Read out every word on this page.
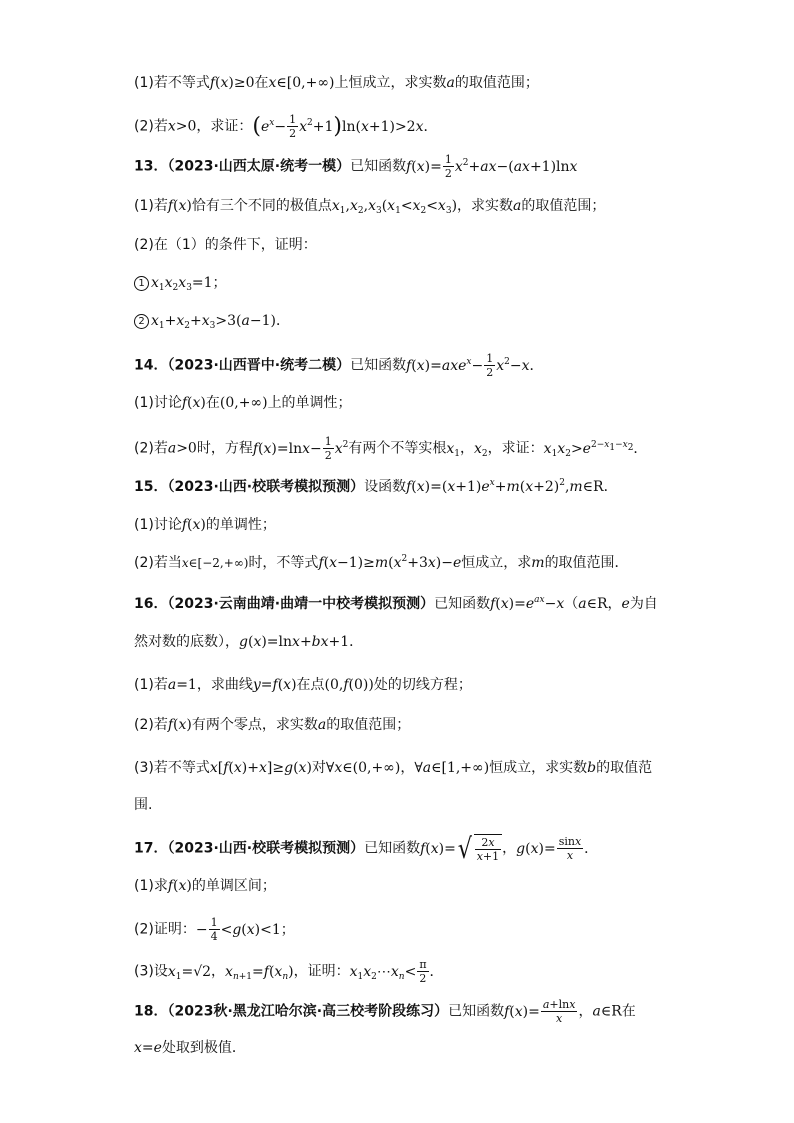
(1)若不等式f(x)≥0在x∈[0,+∞)上恒成立，求实数a的取值范围；
(2)若x>0，求证：$(e^x- \frac{1}{2} x^2+1)\ln(x+1)>2x$．
13．（2023·山西太原·统考一模）已知函数$f(x)= \frac{1}{2} x^2+ax-(ax+1)\ln x$
(1)若f(x)恰有三个不同的极值点$x_1,x_2,x_3(x_1<x_2<x_3)$，求实数a的取值范围；
(2)在（1）的条件下，证明：
1 $x_1x_2x_3=1$；
2 $x_1+x_2+x_3>3(a-1)$．
14．（2023·山西晋中·统考二模）已知函数$f(x)=axe^x- \frac{1}{2} x^2-x$．
(1)讨论f(x)在(0,+∞)上的单调性；
(2)若a>0时，方程$f(x)=\ln x- \frac{1}{2} x^2$有两个不等实根$x_1$，$x_2$，求证：$x_1x_2>e^{2-x_1-x_2}$．
15．（2023·山西·校联考模拟预测）设函数$f(x)=(x+1)e^x+m(x+2)^2,m\in R$．
(1)讨论f(x)的单调性；
(2)若当x∈[−2,+∞)时，不等式$f(x-1)\ge m(x^2+3x)-e$恒成立，求m的取值范围．
16．（2023·云南曲靖·曲靖一中校考模拟预测）已知函数$f(x)=e^{ax}-x(a\in R$，e为自
然对数的底数），g(x)=lnx+bx+1．
(1)若a=1，求曲线y=f(x)在点(0,f(0))处的切线方程；
(2)若f(x)有两个零点，求实数a的取值范围；
(3)若不等式x[f(x)+x]≥g(x)对∀x∈(0,+∞)，∀a∈[1,+∞)恒成立，求实数b的取值范
围.
17．（2023·山西·校联考模拟预测）已知函数$f(x)=√ \frac{2x}{x+1}$ ，$g(x)= \frac{\sin x}{x}$ ．
(1)求f(x)的单调区间；
(2)证明：− $\frac{1}{4} <g(x)<1$；
(3)设$x_1=√2$，$x_{n+1}=f(x_n)$，证明：$x_1x_2\cdots x_n< \frac{\pi}{2}$ ．
18．（2023秋·黑龙江哈尔滨·高三校考阶段练习）已知函数$f(x)= \frac{a+\ln x}{x}$ ，a∈R在
x=e处取到极值．
